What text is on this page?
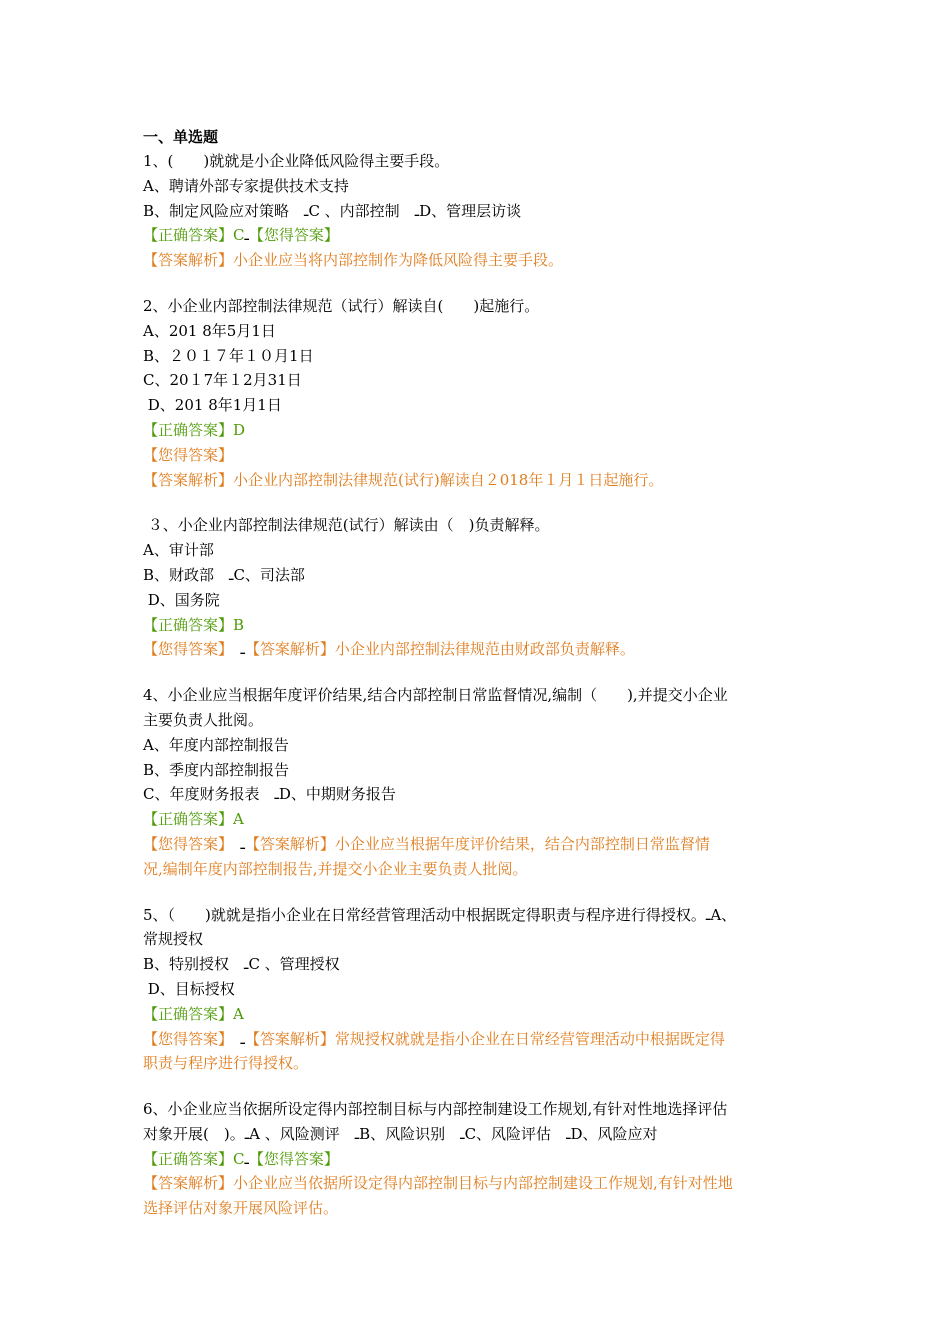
一、单选题

1、(　　)就就是小企业降低风险得主要手段。

A、聘请外部专家提供技术支持

B、制定风险应对策略　ـC 、内部控制　ـD、管理层访谈

【正确答案】Cـ【您得答案】

【答案解析】小企业应当将内部控制作为降低风险得主要手段。

2、小企业内部控制法律规范（试行）解读自(　　)起施行。

A、201 8年5月1日

B、２０１７年１０月1日

C、20１7年１2月31日

D、201 8年1月1日

【正确答案】D

【您得答案】

【答案解析】小企业内部控制法律规范(试行)解读自２018年１月１日起施行。

３、小企业内部控制法律规范(试行）解读由（　)负责解释。

A、审计部

B、财政部　ـC、司法部

D、国务院

【正确答案】B

【您得答案】　ـ【答案解析】小企业内部控制法律规范由财政部负责解释。

4、小企业应当根据年度评价结果,结合内部控制日常监督情况,编制（　　),并提交小企业

主要负责人批阅。

A、年度内部控制报告

B、季度内部控制报告

C、年度财务报表　ـD、中期财务报告

【正确答案】A

【您得答案】　ـ【答案解析】小企业应当根据年度评价结果，结合内部控制日常监督情

况,编制年度内部控制报告,并提交小企业主要负责人批阅。

5、（　　)就就是指小企业在日常经营管理活动中根据既定得职责与程序进行得授权。ـA、

常规授权

B、特别授权　ـC 、管理授权

D、目标授权

【正确答案】A

【您得答案】　ـ【答案解析】常规授权就就是指小企业在日常经营管理活动中根据既定得

职责与程序进行得授权。

6、小企业应当依据所设定得内部控制目标与内部控制建设工作规划,有针对性地选择评估

对象开展(　)。ـA 、风险测评　ـB、风险识别　ـC、风险评估　ـD、风险应对

【正确答案】Cـ【您得答案】

【答案解析】小企业应当依据所设定得内部控制目标与内部控制建设工作规划,有针对性地

选择评估对象开展风险评估。
